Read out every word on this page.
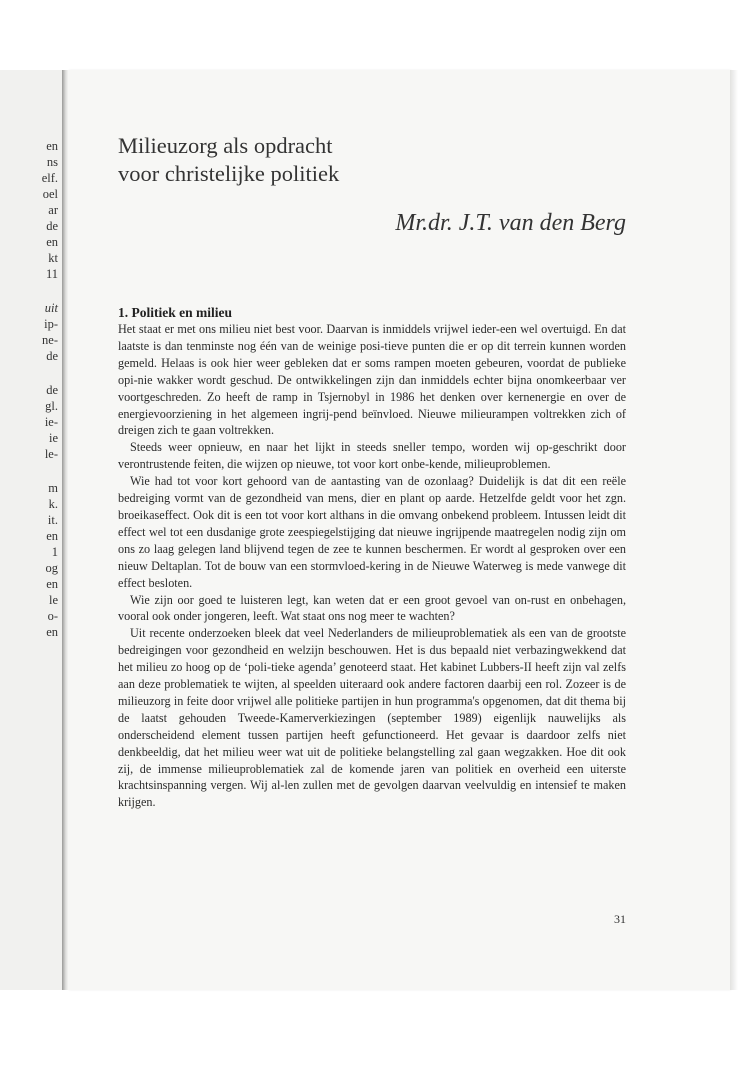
en
ns
elf.
oel
ar
de
en
kt
11
uit
ip-
ne-
de
de
gl.
ie-
ie
le-
m
k.
it.
en
1
og
en
le
o-
en
Milieuzorg als opdracht
voor christelijke politiek

Mr.dr. J.T. van den Berg

1. Politiek en milieu

Het staat er met ons milieu niet best voor. Daarvan is inmiddels vrijwel ieder-een wel overtuigd. En dat laatste is dan tenminste nog één van de weinige posi-tieve punten die er op dit terrein kunnen worden gemeld. Helaas is ook hier weer gebleken dat er soms rampen moeten gebeuren, voordat de publieke opi-nie wakker wordt geschud. De ontwikkelingen zijn dan inmiddels echter bijna onomkeerbaar ver voortgeschreden. Zo heeft de ramp in Tsjernobyl in 1986 het denken over kernenergie en over de energievoorziening in het algemeen ingrij-pend beïnvloed. Nieuwe milieurampen voltrekken zich of dreigen zich te gaan voltrekken.

Steeds weer opnieuw, en naar het lijkt in steeds sneller tempo, worden wij op-geschrikt door verontrustende feiten, die wijzen op nieuwe, tot voor kort onbe-kende, milieuproblemen.

Wie had tot voor kort gehoord van de aantasting van de ozonlaag? Duidelijk is dat dit een reële bedreiging vormt van de gezondheid van mens, dier en plant op aarde. Hetzelfde geldt voor het zgn. broeikaseffect. Ook dit is een tot voor kort althans in die omvang onbekend probleem. Intussen leidt dit effect wel tot een dusdanige grote zeespiegelstijging dat nieuwe ingrijpende maatregelen nodig zijn om ons zo laag gelegen land blijvend tegen de zee te kunnen beschermen. Er wordt al gesproken over een nieuw Deltaplan. Tot de bouw van een stormvloed-kering in de Nieuwe Waterweg is mede vanwege dit effect besloten.

Wie zijn oor goed te luisteren legt, kan weten dat er een groot gevoel van on-rust en onbehagen, vooral ook onder jongeren, leeft. Wat staat ons nog meer te wachten?

Uit recente onderzoeken bleek dat veel Nederlanders de milieuproblematiek als een van de grootste bedreigingen voor gezondheid en welzijn beschouwen. Het is dus bepaald niet verbazingwekkend dat het milieu zo hoog op de ‘poli-tieke agenda’ genoteerd staat. Het kabinet Lubbers-II heeft zijn val zelfs aan deze problematiek te wijten, al speelden uiteraard ook andere factoren daarbij een rol. Zozeer is de milieuzorg in feite door vrijwel alle politieke partijen in hun programma's opgenomen, dat dit thema bij de laatst gehouden Tweede-Kamerverkiezingen (september 1989) eigenlijk nauwelijks als onderscheidend element tussen partijen heeft gefunctioneerd. Het gevaar is daardoor zelfs niet denkbeeldig, dat het milieu weer wat uit de politieke belangstelling zal gaan wegzakken. Hoe dit ook zij, de immense milieuproblematiek zal de komende jaren van politiek en overheid een uiterste krachtsinspanning vergen. Wij al-len zullen met de gevolgen daarvan veelvuldig en intensief te maken krijgen.

31
